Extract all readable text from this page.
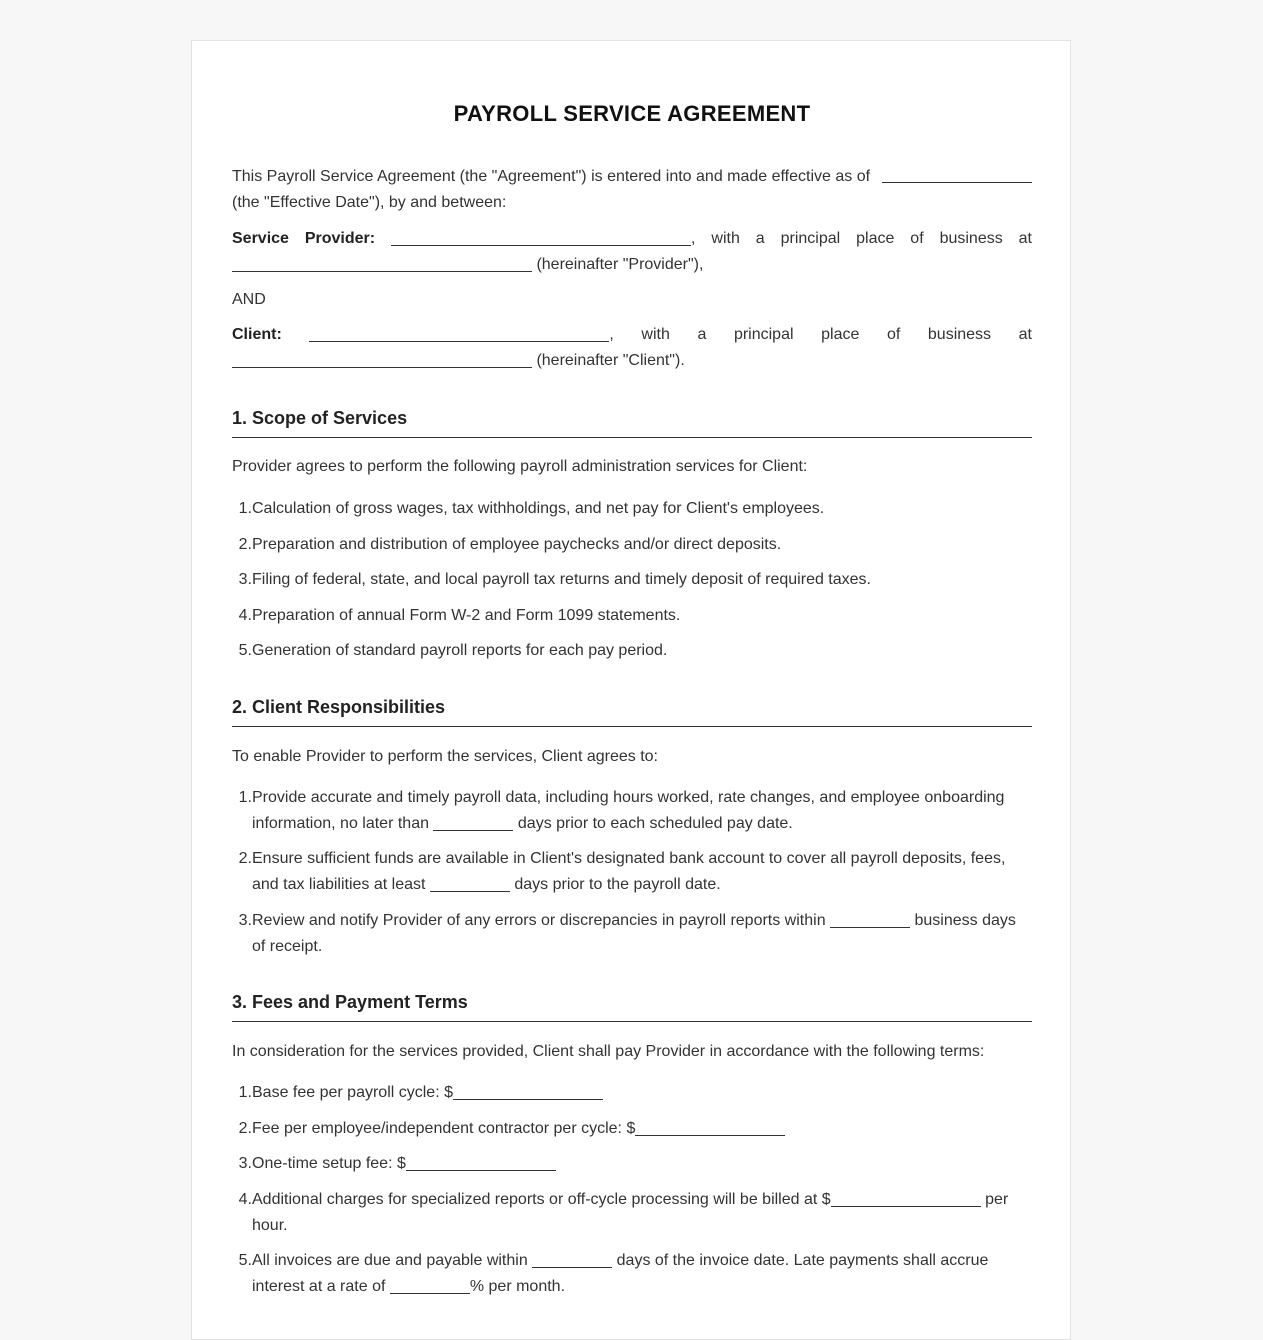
PAYROLL SERVICE AGREEMENT
This Payroll Service Agreement (the "Agreement") is entered into and made effective as of
(the "Effective Date"), by and between:
Service Provider:	, with a principal place of business at
(hereinafter "Provider"),
AND
Client:	, with a principal place of business at
(hereinafter "Client").
1. Scope of Services
Provider agrees to perform the following payroll administration services for Client:
1. Calculation of gross wages, tax withholdings, and net pay for Client's employees.
2. Preparation and distribution of employee paychecks and/or direct deposits.
3. Filing of federal, state, and local payroll tax returns and timely deposit of required taxes.
4. Preparation of annual Form W-2 and Form 1099 statements.
5. Generation of standard payroll reports for each pay period.
2. Client Responsibilities
To enable Provider to perform the services, Client agrees to:
1. Provide accurate and timely payroll data, including hours worked, rate changes, and employee onboarding
information, no later than	days prior to each scheduled pay date.
2. Ensure sufficient funds are available in Client's designated bank account to cover all payroll deposits, fees,
and tax liabilities at least	days prior to the payroll date.
3. Review and notify Provider of any errors or discrepancies in payroll reports within	business days
of receipt.
3. Fees and Payment Terms
In consideration for the services provided, Client shall pay Provider in accordance with the following terms:
1. Base fee per payroll cycle: $
2. Fee per employee/independent contractor per cycle: $
3. One-time setup fee: $
4. Additional charges for specialized reports or off-cycle processing will be billed at $	per
hour.
5. All invoices are due and payable within	days of the invoice date. Late payments shall accrue
interest at a rate of	% per month.
